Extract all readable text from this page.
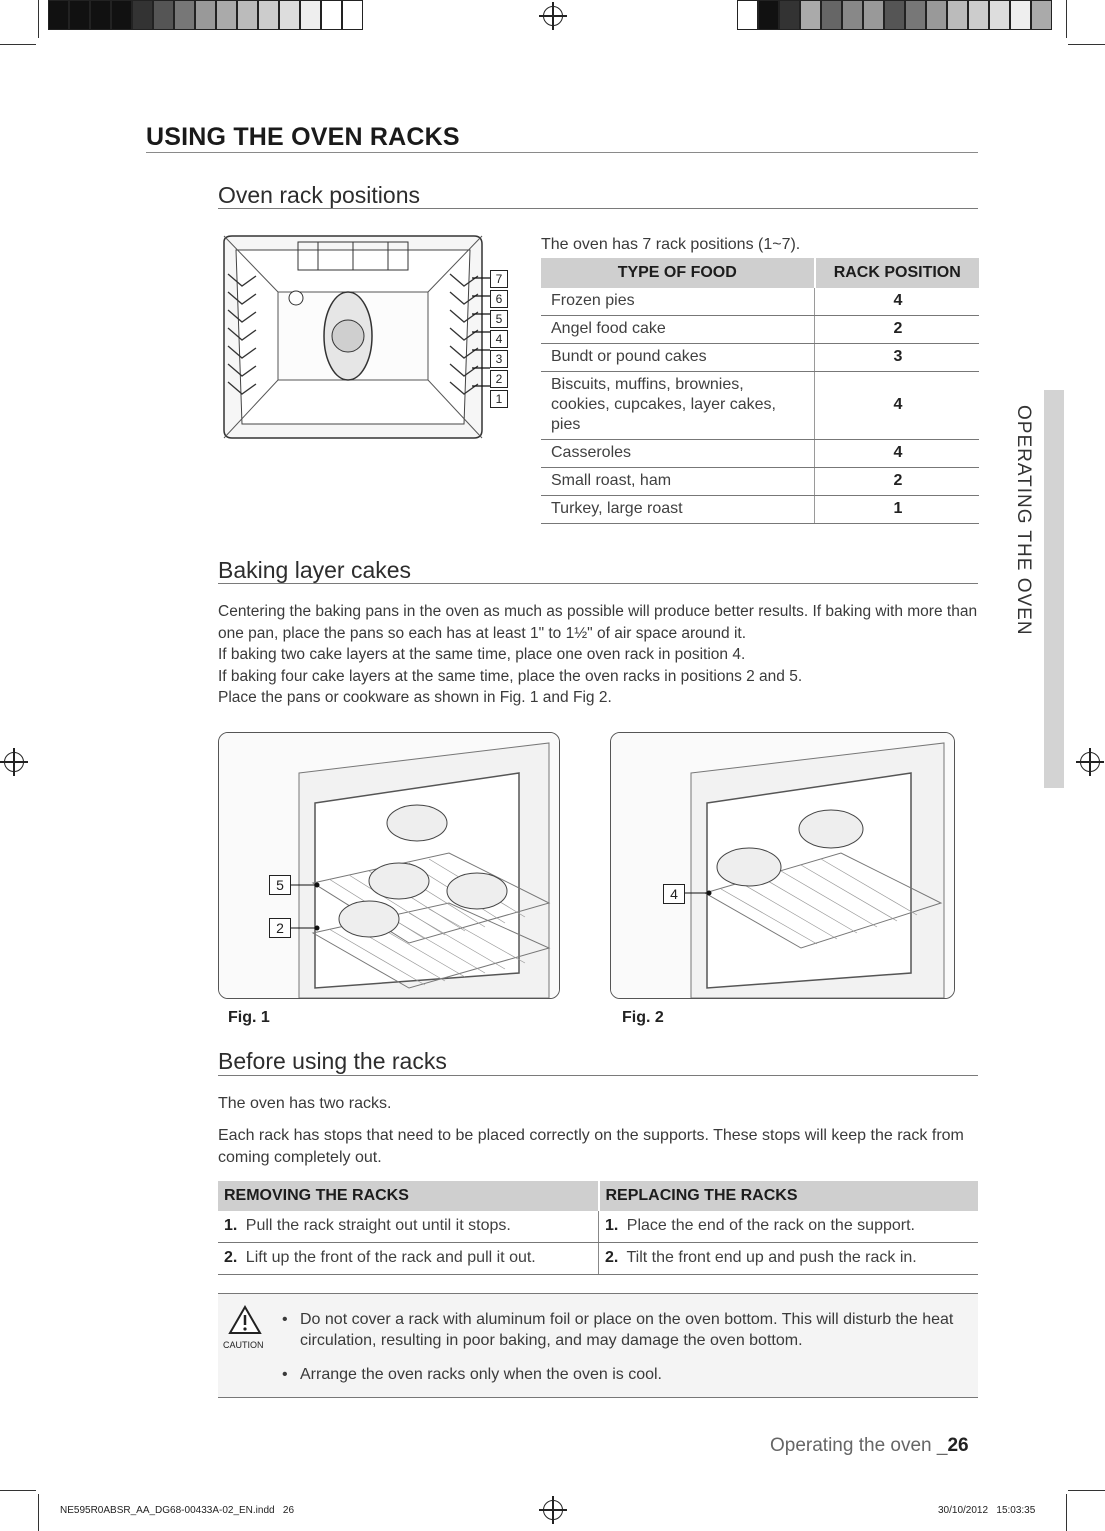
USING THE OVEN RACKS
OPERATING THE OVEN
Oven rack positions
7
6
5
4
3
2
1
The oven has 7 rack positions (1~7).
TYPE OF FOOD	RACK POSITION
Frozen pies	4
Angel food cake	2
Bundt or pound cakes	3
Biscuits, muffins, brownies, cookies, cupcakes, layer cakes, pies	4
Casseroles	4
Small roast, ham	2
Turkey, large roast	1
Baking layer cakes
Centering the baking pans in the oven as much as possible will produce better results. If baking with more than one pan, place the pans so each has at least 1" to 1½" of air space around it.
If baking two cake layers at the same time, place one oven rack in position 4.
If baking four cake layers at the same time, place the oven racks in positions 2 and 5.
Place the pans or cookware as shown in Fig. 1 and Fig 2.
5
2
Fig. 1
4
Fig. 2
Before using the racks
The oven has two racks.
Each rack has stops that need to be placed correctly on the supports. These stops will keep the rack from coming completely out.
REMOVING THE RACKS	REPLACING THE RACKS
1. Pull the rack straight out until it stops.	1. Place the end of the rack on the support.
2. Lift up the front of the rack and pull it out.	2. Tilt the front end up and push the rack in.
CAUTION
• Do not cover a rack with aluminum foil or place on the oven bottom. This will disturb the heat circulation, resulting in poor baking, and may damage the oven bottom.
• Arrange the oven racks only when the oven is cool.
Operating the oven _26
NE595R0ABSR_AA_DG68-00433A-02_EN.indd   26	30/10/2012   15:03:35
